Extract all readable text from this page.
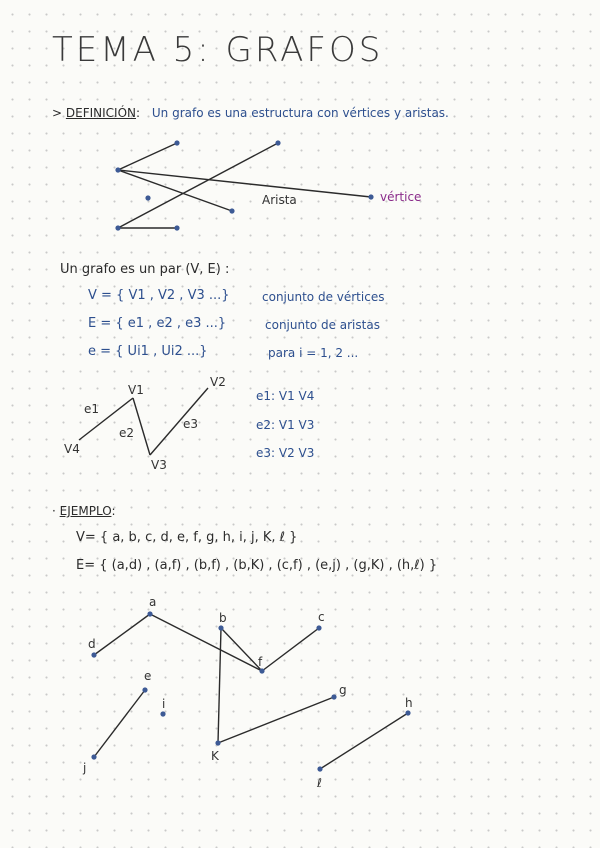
TEMA 5: GRAFOS
> DEFINICIÓN: Un grafo es una estructura con vértices y aristas.
Un grafo es un par (V, E) :
V = { V1 , V2 , V3 ...}	conjunto de vértices
E = { e1 , e2 , e3 ...}	conjunto de aristas
e = { Ui1 , Ui2 ...}	para i = 1, 2 ...
e1: V1 V4
e2: V1 V3
e3: V2 V3
· EJEMPLO:
V= { a, b, c, d, e, f, g, h, i, j, K, ℓ }
E= { (a,d) , (a,f) , (b,f) , (b,K) , (c,f) , (e,j) , (g,K) , (h,ℓ) }
Arista	vértice
V1
V2
V3
V4
e1
e2
e3
a
b	c
d
e
f
g
h
i
j
K
ℓ
